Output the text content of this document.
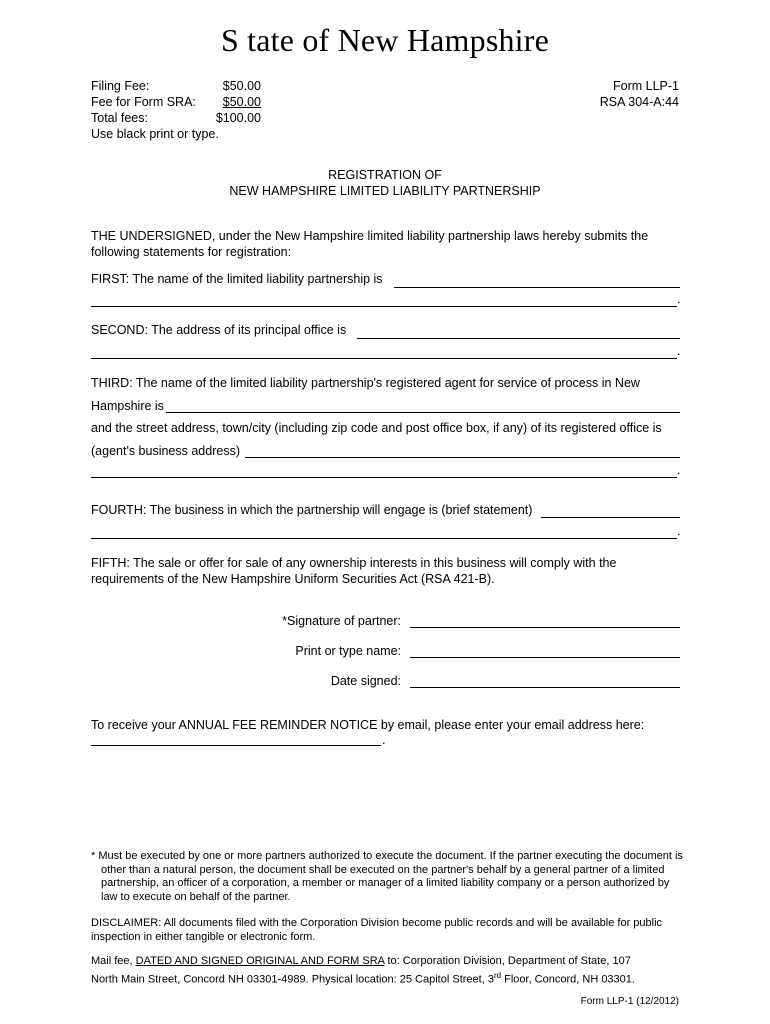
S tate of New Hampshire
Filing Fee:	$50.00
Fee for Form SRA: $50.00
Total fees:	$100.00
Use black print or type.
Form LLP-1
RSA 304-A:44
REGISTRATION OF
NEW HAMPSHIRE LIMITED LIABILITY PARTNERSHIP
THE UNDERSIGNED, under the New Hampshire limited liability partnership laws hereby submits the following statements for registration:
FIRST: The name of the limited liability partnership is
.
SECOND: The address of its principal office is
.
THIRD: The name of the limited liability partnership's registered agent for service of process in New
Hampshire is
and the street address, town/city (including zip code and post office box, if any) of its registered office is
(agent's business address)
.
FOURTH: The business in which the partnership will engage is (brief statement)
.
FIFTH: The sale or offer for sale of any ownership interests in this business will comply with the requirements of the New Hampshire Uniform Securities Act (RSA 421-B).
*Signature of partner:
Print or type name:
Date signed:
To receive your ANNUAL FEE REMINDER NOTICE by email, please enter your email address here:
.
* Must be executed by one or more partners authorized to execute the document. If the partner executing the document is other than a natural person, the document shall be executed on the partner's behalf by a general partner of a limited partnership, an officer of a corporation, a member or manager of a limited liability company or a person authorized by law to execute on behalf of the partner.
DISCLAIMER: All documents filed with the Corporation Division become public records and will be available for public inspection in either tangible or electronic form.
Mail fee, DATED AND SIGNED ORIGINAL AND FORM SRA to: Corporation Division, Department of State, 107
North Main Street, Concord NH 03301-4989. Physical location: 25 Capitol Street, 3rd Floor, Concord, NH 03301.
Form LLP-1 (12/2012)
